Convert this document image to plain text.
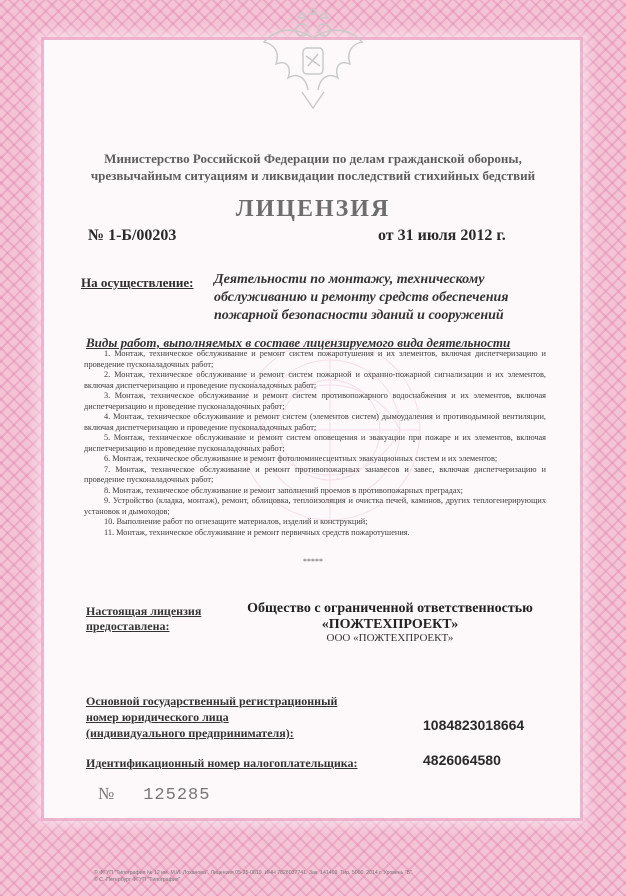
Министерство Российской Федерации по делам гражданской обороны,
чрезвычайным ситуациям и ликвидации последствий стихийных бедствий
ЛИЦЕНЗИЯ
№ 1-Б/00203	от 31 июля 2012 г.
На осуществление: Деятельности по монтажу, техническому обслуживанию и ремонту средств обеспечения пожарной безопасности зданий и сооружений
Виды работ, выполняемых в составе лицензируемого вида деятельности
1. Монтаж, техническое обслуживание и ремонт систем пожаротушения и их элементов, включая диспетчеризацию и проведение пусконаладочных работ;
2. Монтаж, техническое обслуживание и ремонт систем пожарной и охранно-пожарной сигнализации и их элементов, включая диспетчеризацию и проведение пусконаладочных работ;
3. Монтаж, техническое обслуживание и ремонт систем противопожарного водоснабжения и их элементов, включая диспетчеризацию и проведение пусконаладочных работ;
4. Монтаж, техническое обслуживание и ремонт систем (элементов систем) дымоудаления и противодымной вентиляции, включая диспетчеризацию и проведение пусконаладочных работ;
5. Монтаж, техническое обслуживание и ремонт систем оповещения и эвакуации при пожаре и их элементов, включая диспетчеризацию и проведение пусконаладочных работ;
6. Монтаж, техническое обслуживание и ремонт фотолюминесцентных эвакуационных систем и их элементов;
7. Монтаж, техническое обслуживание и ремонт противопожарных занавесов и завес, включая диспетчеризацию и проведение пусконаладочных работ;
8. Монтаж, техническое обслуживание и ремонт заполнений проемов в противопожарных преградах;
9. Устройство (кладка, монтаж), ремонт, облицовка, теплоизоляция и очистка печей, каминов, других теплогенерирующих установок и дымоходов;
10. Выполнение работ по огнезащите материалов, изделий и конструкций;
11. Монтаж, техническое обслуживание и ремонт первичных средств пожаротушения.
*****
Настоящая лицензия
предоставлена:
Общество с ограниченной ответственностью
«ПОЖТЕХПРОЕКТ»
ООО «ПОЖТЕХПРОЕКТ»
Основной государственный регистрационный
номер юридического лица
(индивидуального предпринимателя):	1084823018664
Идентификационный номер налогоплательщика:	4826064580
№ 125285
© ФГУП "Типография № 12 им. М.И. Лоханова". Лицензия 05-25-0619. ИНН 7828037741. Зак. 141409. Тир. 5000. 2014 г. Уровень "Б".
© С.-Петербург ФГУП "Типография"
